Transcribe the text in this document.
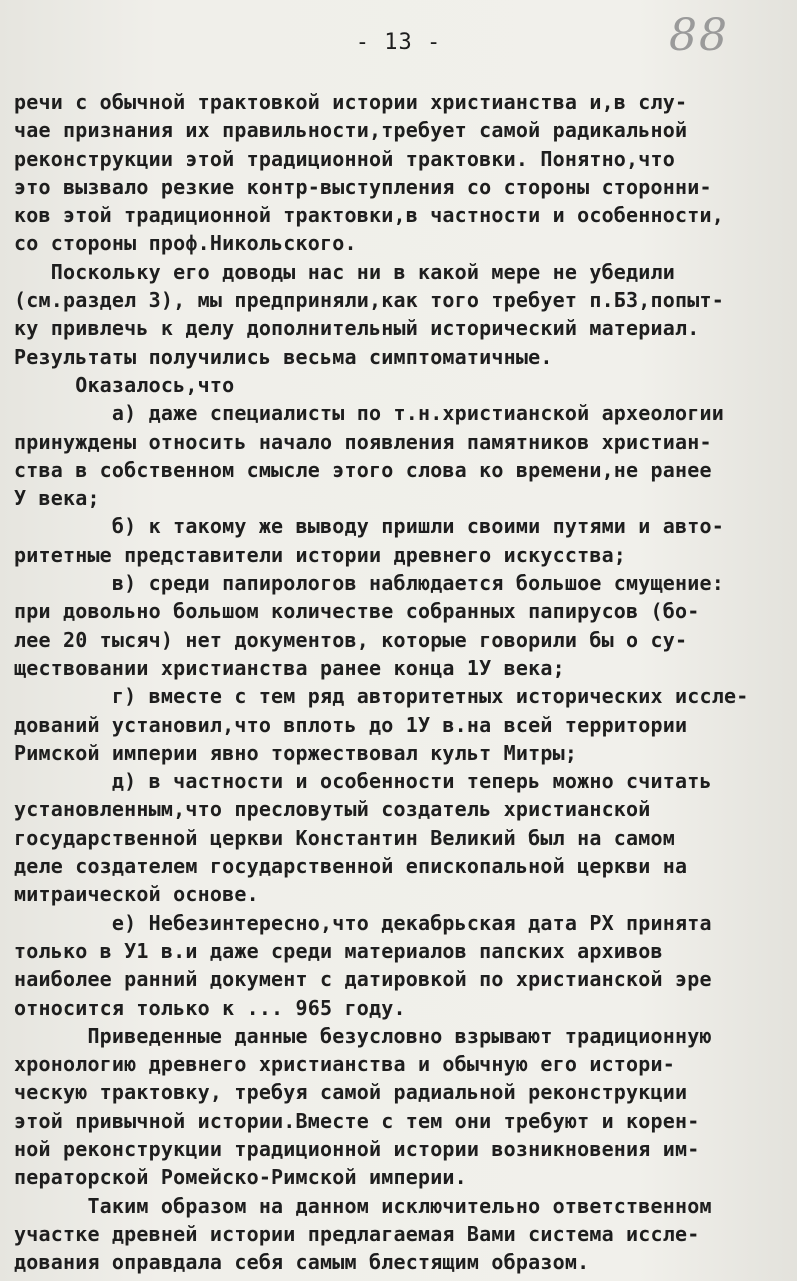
- 13 -	88
речи с обычной трактовкой истории христианства и,в слу-
чае признания их правильности,требует самой радикальной
реконструкции этой традиционной трактовки. Понятно,что
это вызвало резкие контр-выступления со стороны сторонни-
ков этой традиционной трактовки,в частности и особенности,
со стороны проф.Никольского.
Поскольку его доводы нас ни в какой мере не убедили
(см.раздел 3), мы предприняли,как того требует п.Б3,попыт-
ку привлечь к делу дополнительный исторический материал.
Результаты получились весьма симптоматичные.
Оказалось,что
а) даже специалисты по т.н.христианской археологии
принуждены относить начало появления памятников христиан-
ства в собственном смысле этого слова ко времени,не ранее
У века;
б) к такому же выводу пришли своими путями и авто-
ритетные представители истории древнего искусства;
в) среди папирологов наблюдается большое смущение:
при довольно большом количестве собранных папирусов (бо-
лее 20 тысяч) нет документов, которые говорили бы о су-
ществовании христианства ранее конца 1У века;
г) вместе с тем ряд авторитетных исторических иссле-
дований установил,что вплоть до 1У в.на всей территории
Римской империи явно торжествовал культ Митры;
д) в частности и особенности теперь можно считать
установленным,что пресловутый создатель христианской
государственной церкви Константин Великий был на самом
деле создателем государственной епископальной церкви на
митраической основе.
е) Небезинтересно,что декабрьская дата РХ принята
только в У1 в.и даже среди материалов папских архивов
наиболее ранний документ с датировкой по христианской эре
относится только к ... 965 году.
Приведенные данные безусловно взрывают традиционную
хронологию древнего христианства и обычную его истори-
ческую трактовку, требуя самой радиальной реконструкции
этой привычной истории.Вместе с тем они требуют и корен-
ной реконструкции традиционной истории возникновения им-
ператорской Ромейско-Римской империи.
Таким образом на данном исключительно ответственном
участке древней истории предлагаемая Вами система иссле-
дования оправдала себя самым блестящим образом.
